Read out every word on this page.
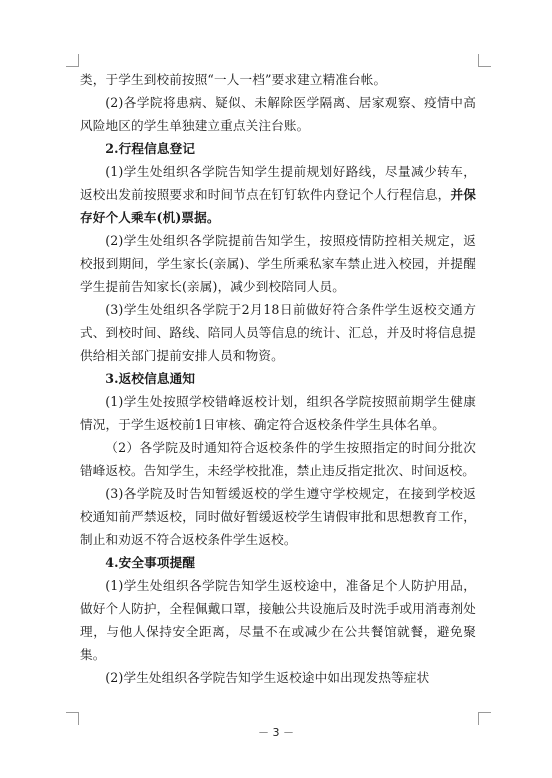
类，于学生到校前按照“一人一档”要求建立精准台帐。

(2)各学院将患病、疑似、未解除医学隔离、居家观察、疫情中高风险地区的学生单独建立重点关注台账。

2.行程信息登记

(1)学生处组织各学院告知学生提前规划好路线，尽量减少转车，返校出发前按照要求和时间节点在钉钉软件内登记个人行程信息，并保存好个人乘车(机)票据。

(2)学生处组织各学院提前告知学生，按照疫情防控相关规定，返校报到期间，学生家长(亲属)、学生所乘私家车禁止进入校园，并提醒学生提前告知家长(亲属)，减少到校陪同人员。

(3)学生处组织各学院于2月18日前做好符合条件学生返校交通方式、到校时间、路线、陪同人员等信息的统计、汇总，并及时将信息提供给相关部门提前安排人员和物资。

3.返校信息通知

(1)学生处按照学校错峰返校计划，组织各学院按照前期学生健康情况，于学生返校前1日审核、确定符合返校条件学生具体名单。

（2）各学院及时通知符合返校条件的学生按照指定的时间分批次错峰返校。告知学生，未经学校批准，禁止违反指定批次、时间返校。

(3)各学院及时告知暂缓返校的学生遵守学校规定，在接到学校返校通知前严禁返校，同时做好暂缓返校学生请假审批和思想教育工作，制止和劝返不符合返校条件学生返校。

4.安全事项提醒

(1)学生处组织各学院告知学生返校途中，准备足个人防护用品，做好个人防护，全程佩戴口罩，接触公共设施后及时洗手或用消毒剂处理，与他人保持安全距离，尽量不在或减少在公共餐馆就餐，避免聚集。

(2)学生处组织各学院告知学生返校途中如出现发热等症状

－ 3 －
